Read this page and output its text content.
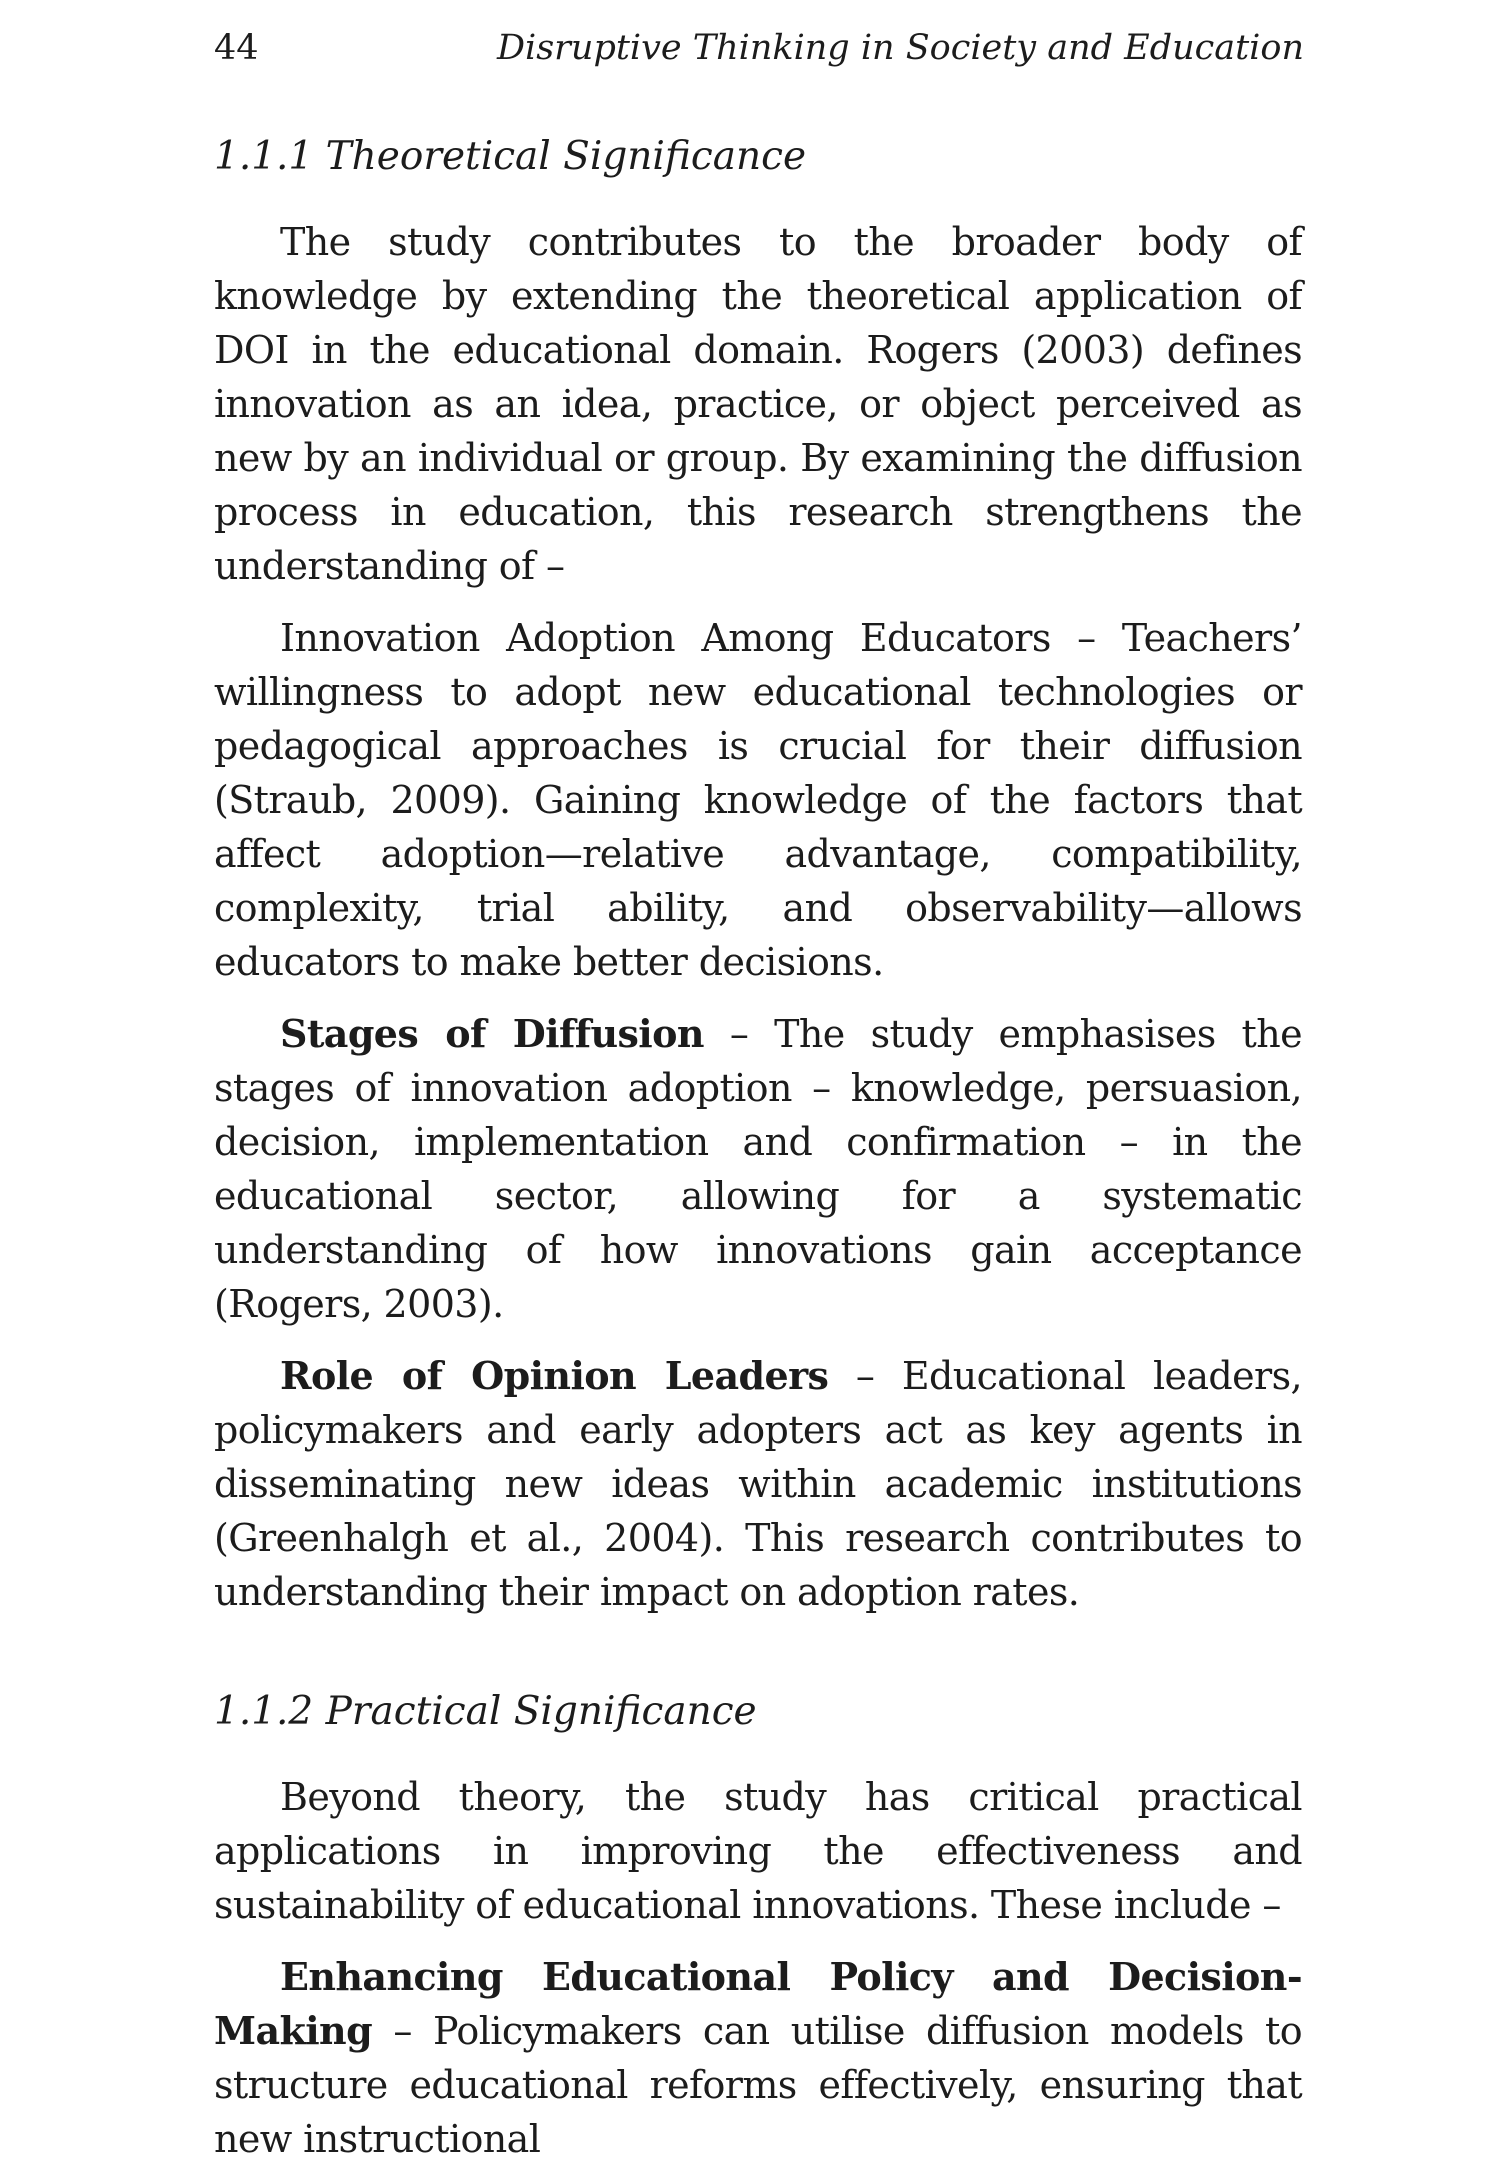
44	Disruptive Thinking in Society and Education
1.1.1 Theoretical Significance

The study contributes to the broader body of knowledge by extending the theoretical application of DOI in the educational domain. Rogers (2003) defines innovation as an idea, practice, or object perceived as new by an individual or group. By examining the diffusion process in education, this research strengthens the understanding of –

Innovation Adoption Among Educators – Teachers’ willingness to adopt new educational technologies or pedagogical approaches is crucial for their diffusion (Straub, 2009). Gaining knowledge of the factors that affect adoption—relative advantage, compatibility, complexity, trial ability, and observability—allows educators to make better decisions.

Stages of Diffusion – The study emphasises the stages of innovation adoption – knowledge, persuasion, decision, implementation and confirmation – in the educational sector, allowing for a systematic understanding of how innovations gain acceptance (Rogers, 2003).

Role of Opinion Leaders – Educational leaders, policymakers and early adopters act as key agents in disseminating new ideas within academic institutions (Greenhalgh et al., 2004). This research contributes to understanding their impact on adoption rates.

1.1.2 Practical Significance

Beyond theory, the study has critical practical applications in improving the effectiveness and sustainability of educational innovations. These include –

Enhancing Educational Policy and Decision-Making – Policymakers can utilise diffusion models to structure educational reforms effectively, ensuring that new instructional
